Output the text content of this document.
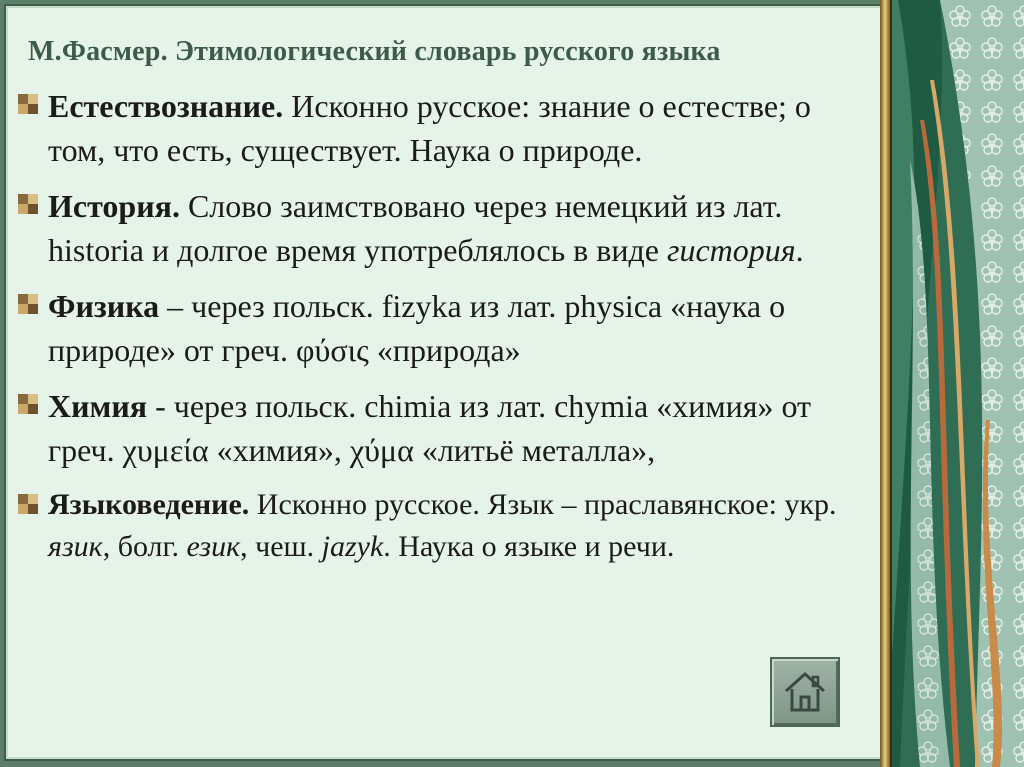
М.Фасмер. Этимологический словарь русского языка
Естествознание. Исконно русское: знание о естестве; о том, что есть, существует. Наука о природе.
История. Слово заимствовано через немецкий из лат. historia и долгое время употреблялось в виде гистория.
Физика – через польск. fizyka из лат. physica «наука о природе» от греч. φύσις «природа»
Химия - через польск. chimia из лат. chymia «химия» от греч. χυμεία «химия», χύμα «литьё металла»,
Языковедение. Исконно русское. Язык – праславянское: укр. язик, болг. език, чеш. jazyk. Наука о языке и речи.
